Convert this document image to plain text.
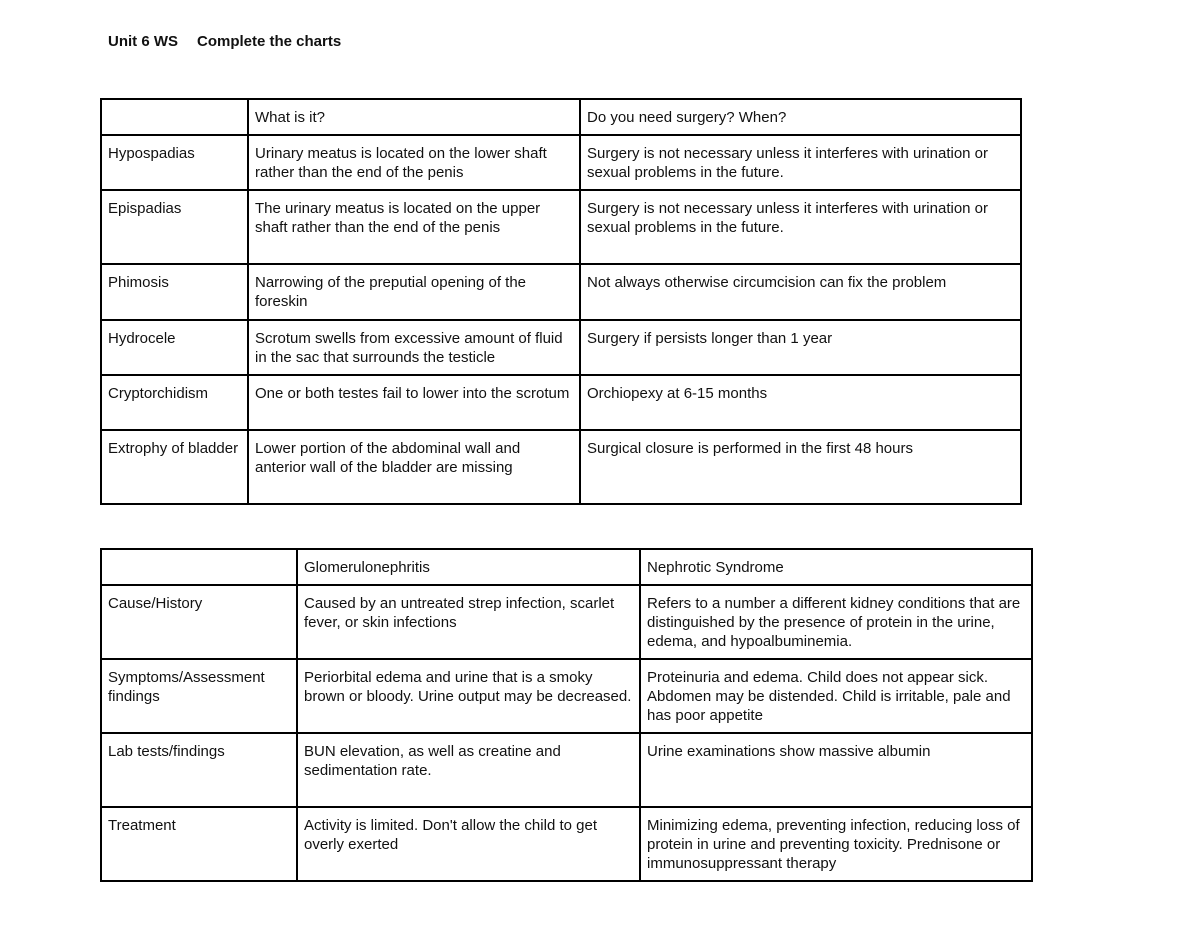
Unit 6 WS Complete the charts
	What is it?	Do you need surgery? When?
Hypospadias	Urinary meatus is located on the lower shaft rather than the end of the penis	Surgery is not necessary unless it interferes with urination or sexual problems in the future.
Epispadias	The urinary meatus is located on the upper shaft rather than the end of the penis	Surgery is not necessary unless it interferes with urination or sexual problems in the future.
Phimosis	Narrowing of the preputial opening of the foreskin	Not always otherwise circumcision can fix the problem
Hydrocele	Scrotum swells from excessive amount of fluid in the sac that surrounds the testicle	Surgery if persists longer than 1 year
Cryptorchidism	One or both testes fail to lower into the scrotum	Orchiopexy at 6-15 months
Extrophy of bladder	Lower portion of the abdominal wall and anterior wall of the bladder are missing	Surgical closure is performed in the first 48 hours
	Glomerulonephritis	Nephrotic Syndrome
Cause/History	Caused by an untreated strep infection, scarlet fever, or skin infections	Refers to a number a different kidney conditions that are distinguished by the presence of protein in the urine, edema, and hypoalbuminemia.
Symptoms/Assessment findings	Periorbital edema and urine that is a smoky brown or bloody. Urine output may be decreased.	Proteinuria and edema. Child does not appear sick. Abdomen may be distended. Child is irritable, pale and has poor appetite
Lab tests/findings	BUN elevation, as well as creatine and sedimentation rate.	Urine examinations show massive albumin
Treatment	Activity is limited. Don't allow the child to get overly exerted	Minimizing edema, preventing infection, reducing loss of protein in urine and preventing toxicity. Prednisone or immunosuppressant therapy
